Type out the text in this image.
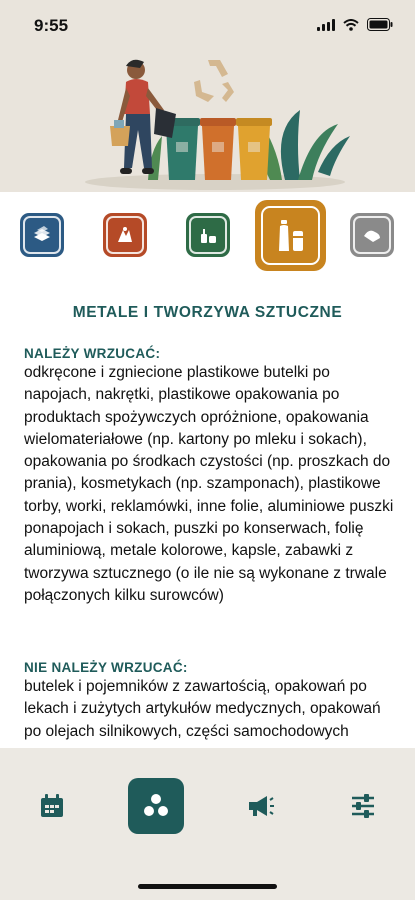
9:55
METALE I TWORZYWA SZTUCZNE
NALEŻY WRZUCAĆ:
odkręcone i zgniecione plastikowe butelki po napojach, nakrętki, plastikowe opakowania po produktach spożywczych opróżnione, opakowania wielomateriałowe (np. kartony po mleku i sokach), opakowania po środkach czystości (np. proszkach do prania), kosmetykach (np. szamponach), plastikowe torby, worki, reklamówki, inne folie, aluminiowe puszki ponapojach i sokach, puszki po konserwach, folię aluminiową, metale kolorowe, kapsle, zabawki z tworzywa sztucznego (o ile nie są wykonane z trwale połączonych kilku surowców)
NIE NALEŻY WRZUCAĆ:
butelek i pojemników z zawartością, opakowań po lekach i zużytych artykułów medycznych, opakowań po olejach silnikowych, części samochodowych
